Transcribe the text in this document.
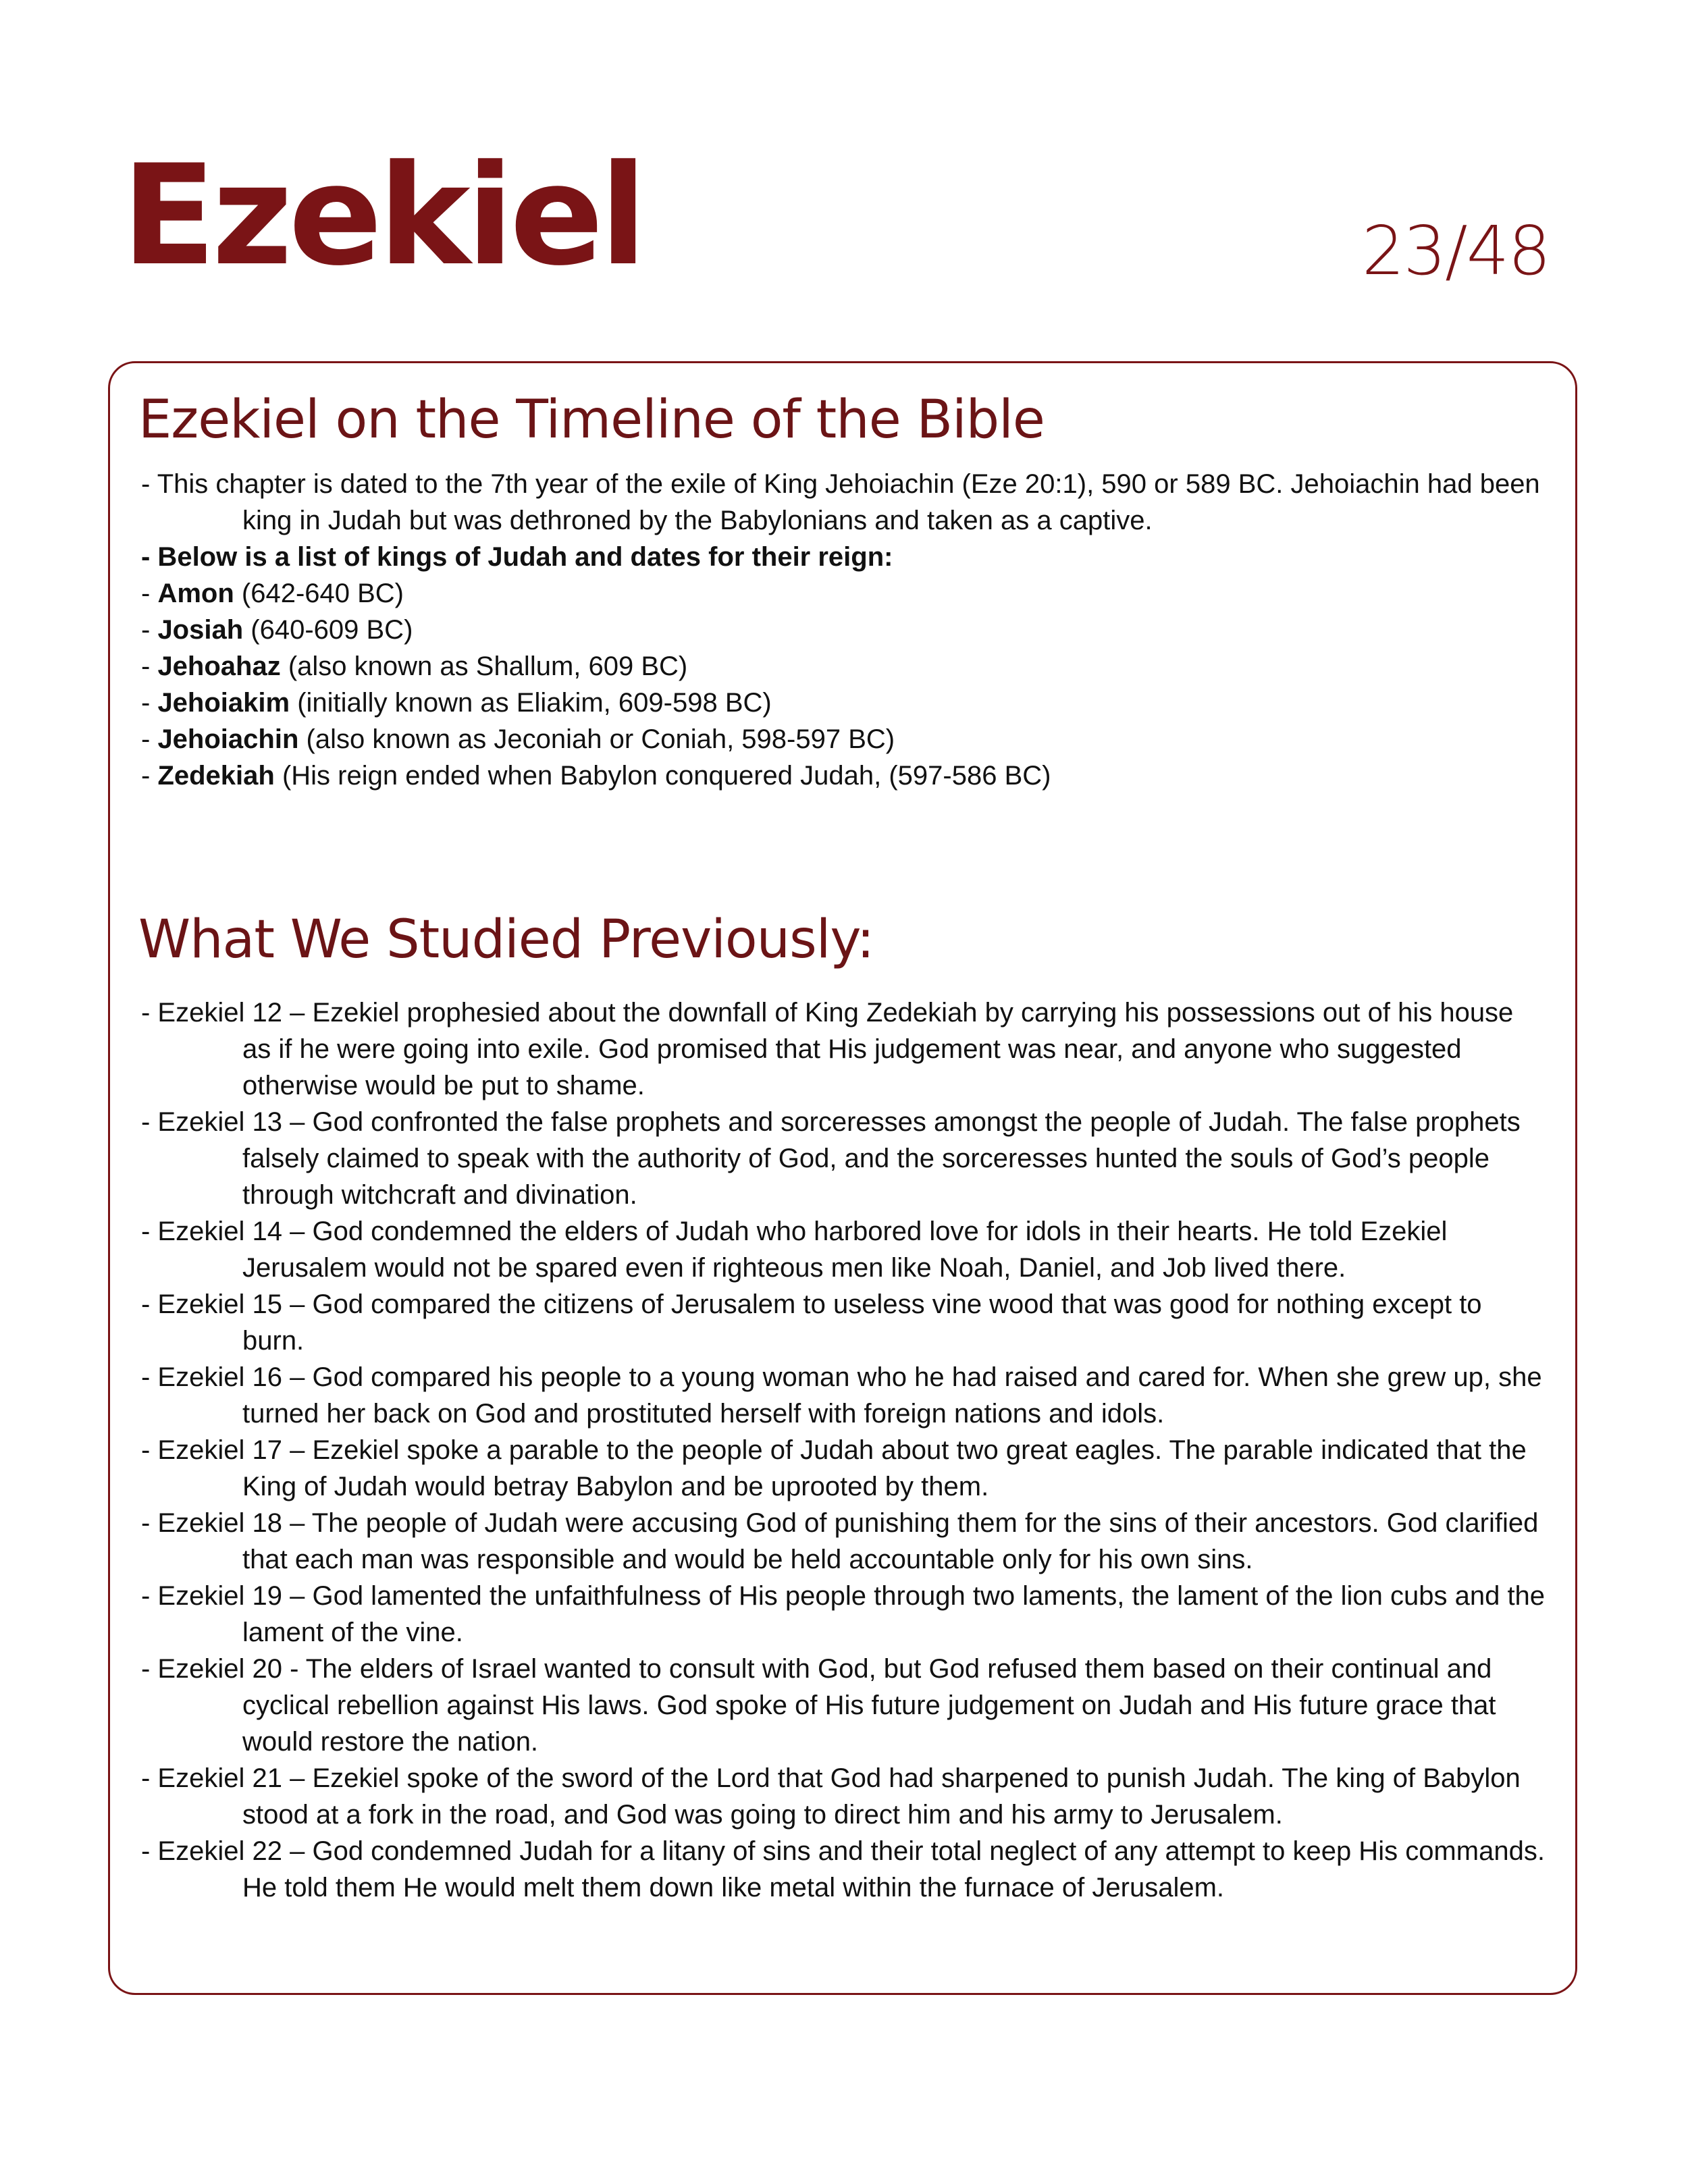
Ezekiel	23/48
Ezekiel on the Timeline of the Bible
- This chapter is dated to the 7th year of the exile of King Jehoiachin (Eze 20:1), 590 or 589 BC. Jehoiachin had been king in Judah but was dethroned by the Babylonians and taken as a captive.
- Below is a list of kings of Judah and dates for their reign:
- Amon (642-640 BC)
- Josiah (640-609 BC)
- Jehoahaz (also known as Shallum, 609 BC)
- Jehoiakim (initially known as Eliakim, 609-598 BC)
- Jehoiachin (also known as Jeconiah or Coniah, 598-597 BC)
- Zedekiah (His reign ended when Babylon conquered Judah, (597-586 BC)
What We Studied Previously:
- Ezekiel 12 – Ezekiel prophesied about the downfall of King Zedekiah by carrying his possessions out of his house as if he were going into exile. God promised that His judgement was near, and anyone who suggested otherwise would be put to shame.
- Ezekiel 13 – God confronted the false prophets and sorceresses amongst the people of Judah. The false prophets falsely claimed to speak with the authority of God, and the sorceresses hunted the souls of God’s people through witchcraft and divination.
- Ezekiel 14 – God condemned the elders of Judah who harbored love for idols in their hearts. He told Ezekiel Jerusalem would not be spared even if righteous men like Noah, Daniel, and Job lived there.
- Ezekiel 15 – God compared the citizens of Jerusalem to useless vine wood that was good for nothing except to burn.
- Ezekiel 16 – God compared his people to a young woman who he had raised and cared for. When she grew up, she turned her back on God and prostituted herself with foreign nations and idols.
- Ezekiel 17 – Ezekiel spoke a parable to the people of Judah about two great eagles. The parable indicated that the King of Judah would betray Babylon and be uprooted by them.
- Ezekiel 18 – The people of Judah were accusing God of punishing them for the sins of their ancestors. God clarified that each man was responsible and would be held accountable only for his own sins.
- Ezekiel 19 – God lamented the unfaithfulness of His people through two laments, the lament of the lion cubs and the lament of the vine.
- Ezekiel 20 - The elders of Israel wanted to consult with God, but God refused them based on their continual and cyclical rebellion against His laws. God spoke of His future judgement on Judah and His future grace that would restore the nation.
- Ezekiel 21 – Ezekiel spoke of the sword of the Lord that God had sharpened to punish Judah. The king of Babylon stood at a fork in the road, and God was going to direct him and his army to Jerusalem.
- Ezekiel 22 – God condemned Judah for a litany of sins and their total neglect of any attempt to keep His commands. He told them He would melt them down like metal within the furnace of Jerusalem.
